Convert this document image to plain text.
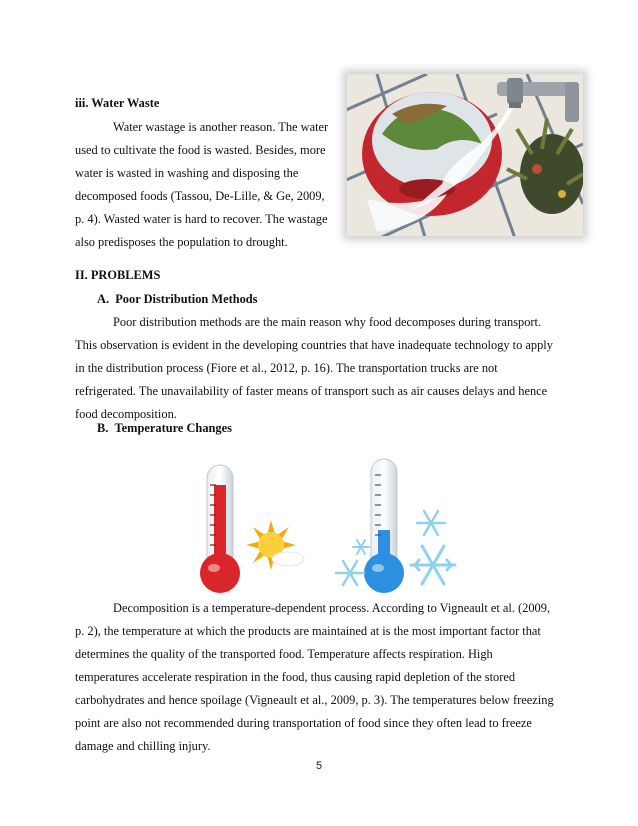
iii. Water Waste
Water wastage is another reason. The water
used to cultivate the food is wasted. Besides, more
water is wasted in washing and disposing the
decomposed foods (Tassou, De-Lille, & Ge, 2009,
p. 4). Wasted water is hard to recover. The wastage
also predisposes the population to drought.
II. PROBLEMS
A.  Poor Distribution Methods
Poor distribution methods are the main reason why food decomposes during transport.
This observation is evident in the developing countries that have inadequate technology to apply
in the distribution process (Fiore et al., 2012, p. 16). The transportation trucks are not
refrigerated. The unavailability of faster means of transport such as air causes delays and hence
food decomposition.
B.  Temperature Changes
Decomposition is a temperature-dependent process. According to Vigneault et al. (2009,
p. 2), the temperature at which the products are maintained at is the most important factor that
determines the quality of the transported food. Temperature affects respiration. High
temperatures accelerate respiration in the food, thus causing rapid depletion of the stored
carbohydrates and hence spoilage (Vigneault et al., 2009, p. 3). The temperatures below freezing
point are also not recommended during transportation of food since they often lead to freeze
damage and chilling injury.
5
